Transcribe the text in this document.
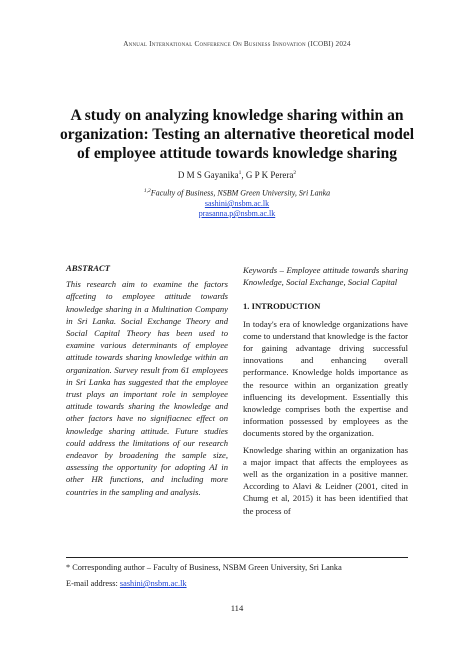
Annual International Conference On Business Innovation (ICOBI) 2024
A study on analyzing knowledge sharing within an
organization: Testing an alternative theoretical model
of employee attitude towards knowledge sharing
D M S Gayanika$^1$, G P K Perera$^2$
$^{1,2}$Faculty of Business, NSBM Green University, Sri Lanka
sashini@nsbm.ac.lk
prasanna.p@nsbm.ac.lk
ABSTRACT
This research aim to examine the factors affceting to employee attitude towards knowledge sharing in a Multination Company in Sri Lanka. Social Exchange Theory and Social Capital Theory has been used to examine various determinants of employee attitude towards sharing knowledge within an organization. Survey result from 61 employees in Sri Lanka has suggested that the employee trust plays an important role in semployee attitude towards sharing the knowledge and other factors have no signifiacnec effect on knowledge sharing attitude. Future studies could address the limitations of our research endeavor by broadening the sample size, assessing the opportunity for adopting AI in other HR functions, and including more countries in the sampling and analysis.
Keywords – Employee attitude towards sharing Knowledge, Social Exchange, Social Capital
1. INTRODUCTION
In today's era of knowledge organizations have come to understand that knowledge is the factor for gaining advantage driving successful innovations and enhancing overall performance. Knowledge holds importance as the resource within an organization greatly influencing its development. Essentially this knowledge comprises both the expertise and information possessed by employees as the documents stored by the organization.
Knowledge sharing within an organization has a major impact that affects the employees as well as the organization in a positive manner. According to Alavi & Leidner (2001, cited in Chumg et al, 2015) it has been identified that the process of
* Corresponding author – Faculty of Business, NSBM Green University, Sri Lanka
E-mail address: sashini@nsbm.ac.lk
114
